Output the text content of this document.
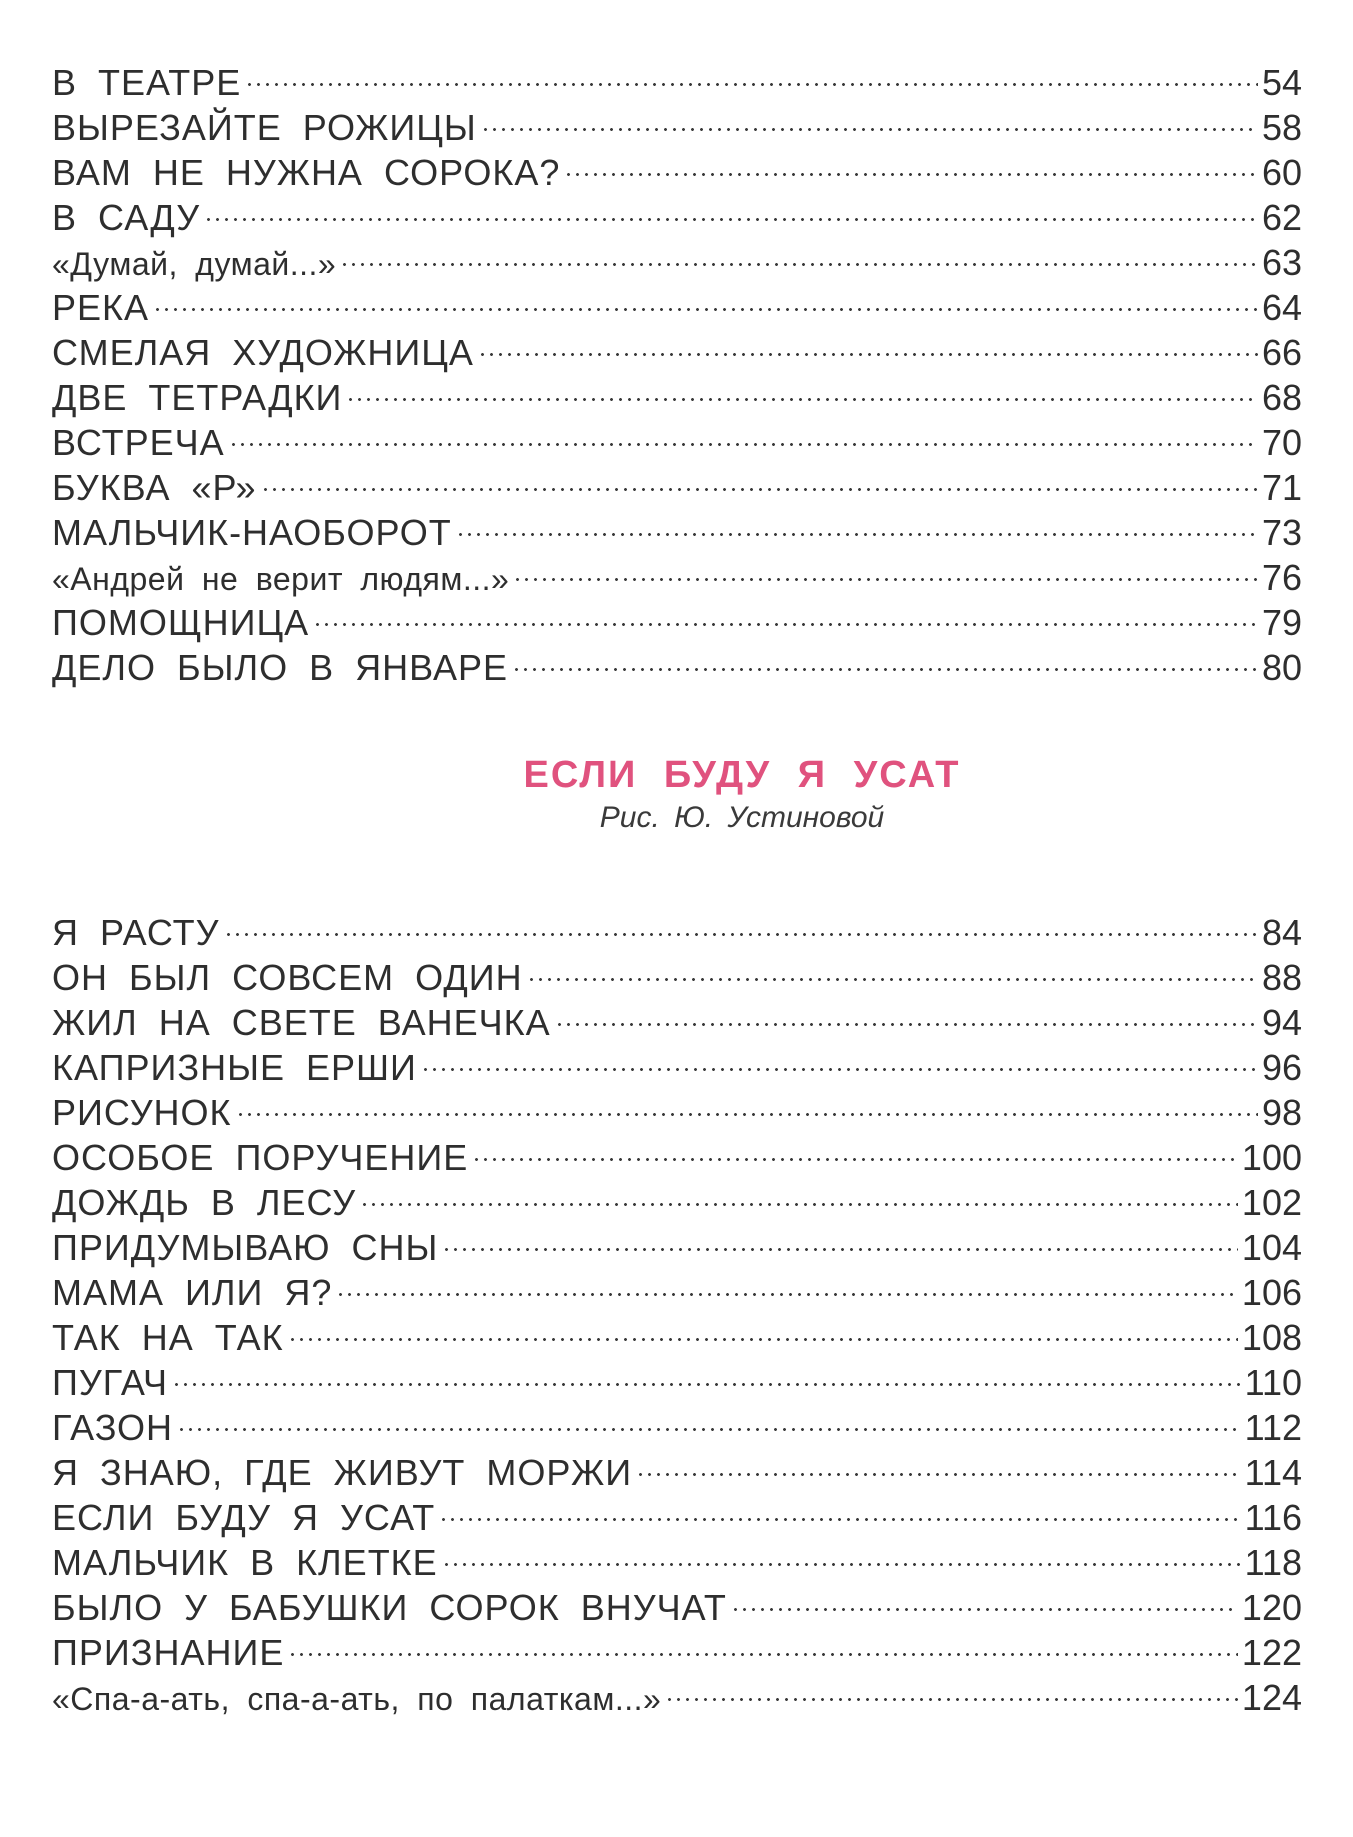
В ТЕАТРЕ	54
ВЫРЕЗАЙТЕ РОЖИЦЫ	58
ВАМ НЕ НУЖНА СОРОКА?	60
В САДУ	62
«Думай, думай...»	63
РЕКА	64
СМЕЛАЯ ХУДОЖНИЦА	66
ДВЕ ТЕТРАДКИ	68
ВСТРЕЧА	70
БУКВА «Р»	71
МАЛЬЧИК-НАОБОРОТ	73
«Андрей не верит людям...»	76
ПОМОЩНИЦА	79
ДЕЛО БЫЛО В ЯНВАРЕ	80
ЕСЛИ БУДУ Я УСАТ
Рис. Ю. Устиновой
Я РАСТУ	84
ОН БЫЛ СОВСЕМ ОДИН	88
ЖИЛ НА СВЕТЕ ВАНЕЧКА	94
КАПРИЗНЫЕ ЕРШИ	96
РИСУНОК	98
ОСОБОЕ ПОРУЧЕНИЕ	100
ДОЖДЬ В ЛЕСУ	102
ПРИДУМЫВАЮ СНЫ	104
МАМА ИЛИ Я?	106
ТАК НА ТАК	108
ПУГАЧ	110
ГАЗОН	112
Я ЗНАЮ, ГДЕ ЖИВУТ МОРЖИ	114
ЕСЛИ БУДУ Я УСАТ	116
МАЛЬЧИК В КЛЕТКЕ	118
БЫЛО У БАБУШКИ СОРОК ВНУЧАТ	120
ПРИЗНАНИЕ	122
«Спа-а-ать, спа-а-ать, по палаткам...»	124
